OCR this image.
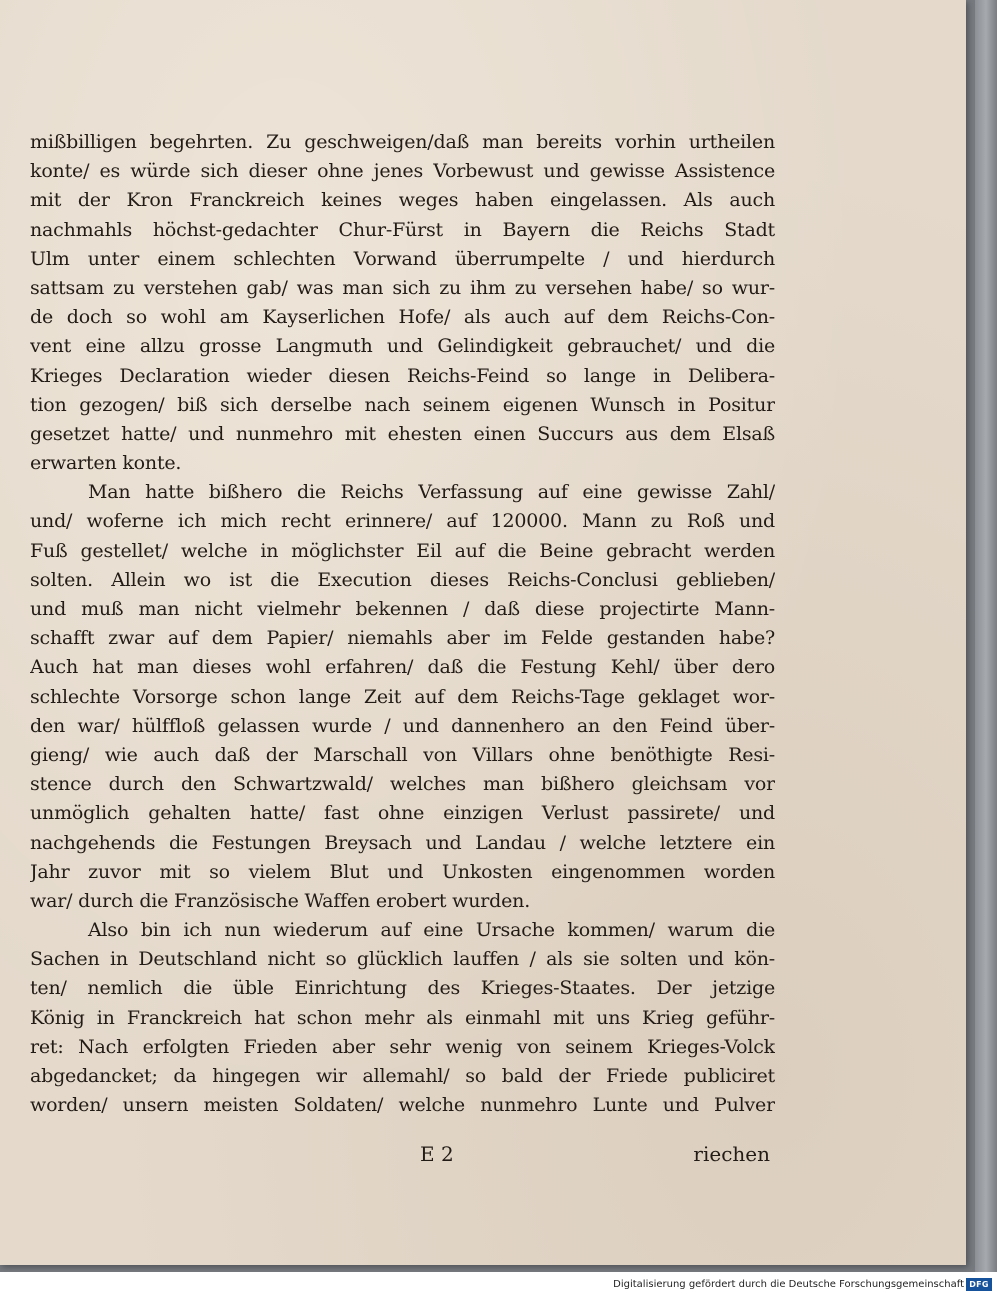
mißbilligen begehrten. Zu geschweigen/daß man bereits vorhin urtheilen
konte/ es würde sich dieser ohne jenes Vorbewust und gewisse Assistence
mit der Kron Franckreich keines weges haben eingelassen. Als auch
nachmahls höchst-gedachter Chur-Fürst in Bayern die Reichs Stadt
Ulm unter einem schlechten Vorwand überrumpelte / und hierdurch
sattsam zu verstehen gab/ was man sich zu ihm zu versehen habe/ so wur-
de doch so wohl am Kayserlichen Hofe/ als auch auf dem Reichs-Con-
vent eine allzu grosse Langmuth und Gelindigkeit gebrauchet/ und die
Krieges Declaration wieder diesen Reichs-Feind so lange in Delibera-
tion gezogen/ biß sich derselbe nach seinem eigenen Wunsch in Positur
gesetzet hatte/ und nunmehro mit ehesten einen Succurs aus dem Elsaß
erwarten konte.
Man hatte bißhero die Reichs Verfassung auf eine gewisse Zahl/
und/ woferne ich mich recht erinnere/ auf 120000. Mann zu Roß und
Fuß gestellet/ welche in möglichster Eil auf die Beine gebracht werden
solten. Allein wo ist die Execution dieses Reichs-Conclusi geblieben/
und muß man nicht vielmehr bekennen / daß diese projectirte Mann-
schafft zwar auf dem Papier/ niemahls aber im Felde gestanden habe?
Auch hat man dieses wohl erfahren/ daß die Festung Kehl/ über dero
schlechte Vorsorge schon lange Zeit auf dem Reichs-Tage geklaget wor-
den war/ hülffloß gelassen wurde / und dannenhero an den Feind über-
gieng/ wie auch daß der Marschall von Villars ohne benöthigte Resi-
stence durch den Schwartzwald/ welches man bißhero gleichsam vor
unmöglich gehalten hatte/ fast ohne einzigen Verlust passirete/ und
nachgehends die Festungen Breysach und Landau / welche letztere ein
Jahr zuvor mit so vielem Blut und Unkosten eingenommen worden
war/ durch die Französische Waffen erobert wurden.
Also bin ich nun wiederum auf eine Ursache kommen/ warum die
Sachen in Deutschland nicht so glücklich lauffen / als sie solten und kön-
ten/ nemlich die üble Einrichtung des Krieges-Staates. Der jetzige
König in Franckreich hat schon mehr als einmahl mit uns Krieg geführ-
ret: Nach erfolgten Frieden aber sehr wenig von seinem Krieges-Volck
abgedancket; da hingegen wir allemahl/ so bald der Friede publiciret
worden/ unsern meisten Soldaten/ welche nunmehro Lunte und Pulver
E 2	riechen
Digitalisierung gefördert durch die Deutsche Forschungsgemeinschaft DFG
